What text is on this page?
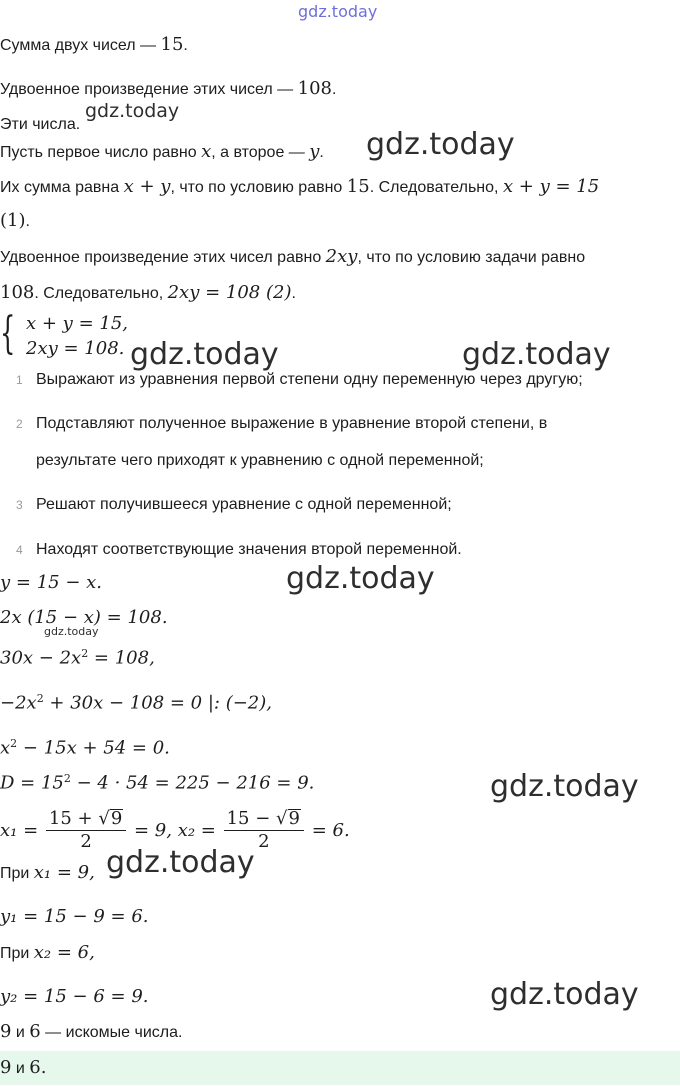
gdz.today
gdz.today
gdz.today
gdz.today	gdz.today
gdz.today
gdz.today
gdz.today
gdz.today
gdz.today
Сумма двух чисел — 15.
Удвоенное произведение этих чисел — 108.
Эти числа.
Пусть первое число равно x, а второе — y.
Их сумма равна x + y, что по условию равно 15. Следовательно, x + y = 15
(1).
Удвоенное произведение этих чисел равно 2xy, что по условию задачи равно
108. Следовательно, 2xy = 108 (2).
{ x + y = 15,
2xy = 108.
1 Выражают из уравнения первой степени одну переменную через другую;
2 Подставляют полученное выражение в уравнение второй степени, в
результате чего приходят к уравнению с одной переменной;
3 Решают получившееся уравнение с одной переменной;
4 Находят соответствующие значения второй переменной.
y = 15 − x.
2x (15 − x) = 108.
$30x - 2x^2 = 108$,
$-2x^2 + 30x - 108 = 0$ |: (−2),
$x^2 - 15x + 54 = 0$.
$D = 15^2 - 4 \cdot 54 = 225 - 216 = 9$.
$x_1 = \frac{15 + √9}{2} = 9$, $x_2 = \frac{15 - √9}{2} = 6$.
При x₁ = 9,
y₁ = 15 − 9 = 6.
При x₂ = 6,
y₂ = 15 − 6 = 9.
9 и 6 — искомые числа.
9 и 6.
